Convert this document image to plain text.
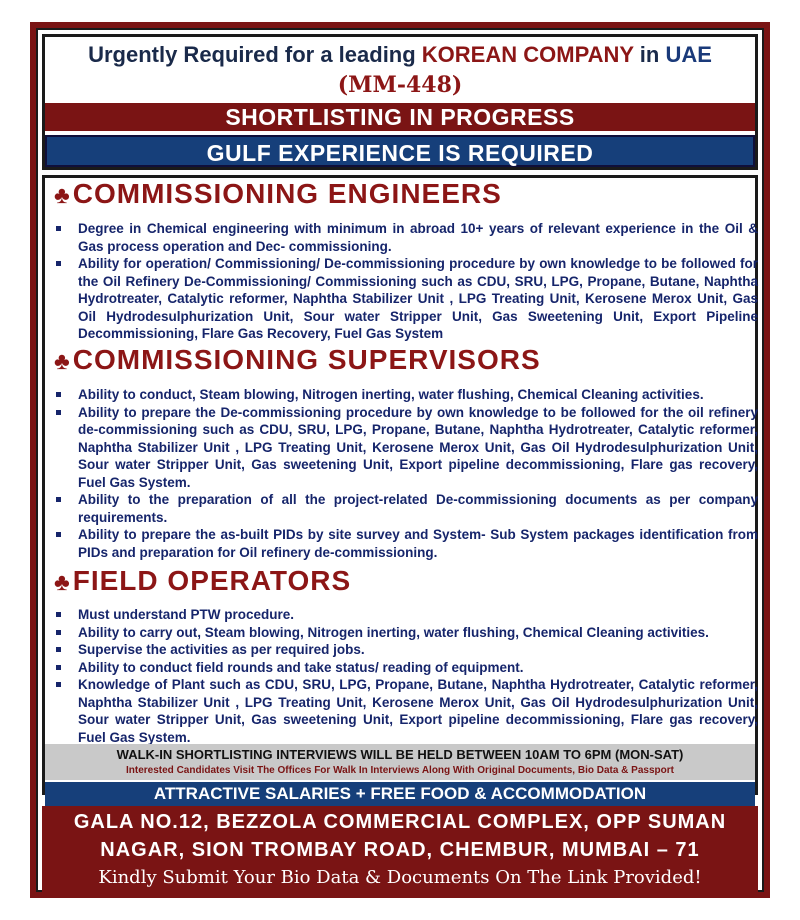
Urgently Required for a leading KOREAN COMPANY in UAE
(MM-448)
SHORTLISTING IN PROGRESS
GULF EXPERIENCE IS REQUIRED
♣COMMISSIONING ENGINEERS
Degree in Chemical engineering with minimum in abroad 10+ years of relevant experience in the Oil & Gas process operation and Dec- commissioning.
Ability for operation/ Commissioning/ De-commissioning procedure by own knowledge to be followed for the Oil Refinery De-Commissioning/ Commissioning such as CDU, SRU, LPG, Propane, Butane, Naphtha Hydrotreater, Catalytic reformer, Naphtha Stabilizer Unit , LPG Treating Unit, Kerosene Merox Unit, Gas Oil Hydrodesulphurization Unit, Sour water Stripper Unit, Gas Sweetening Unit, Export Pipeline Decommissioning, Flare Gas Recovery, Fuel Gas System
♣COMMISSIONING SUPERVISORS
Ability to conduct, Steam blowing, Nitrogen inerting, water flushing, Chemical Cleaning activities.
Ability to prepare the De-commissioning procedure by own knowledge to be followed for the oil refinery de-commissioning such as CDU, SRU, LPG, Propane, Butane, Naphtha Hydrotreater, Catalytic reformer, Naphtha Stabilizer Unit , LPG Treating Unit, Kerosene Merox Unit, Gas Oil Hydrodesulphurization Unit, Sour water Stripper Unit, Gas sweetening Unit, Export pipeline decommissioning, Flare gas recovery, Fuel Gas System.
Ability to the preparation of all the project-related De-commissioning documents as per company requirements.
Ability to prepare the as-built PIDs by site survey and System- Sub System packages identification from PIDs and preparation for Oil refinery de-commissioning.
♣FIELD OPERATORS
Must understand PTW procedure.
Ability to carry out, Steam blowing, Nitrogen inerting, water flushing, Chemical Cleaning activities.
Supervise the activities as per required jobs.
Ability to conduct field rounds and take status/ reading of equipment.
Knowledge of Plant such as CDU, SRU, LPG, Propane, Butane, Naphtha Hydrotreater, Catalytic reformer, Naphtha Stabilizer Unit , LPG Treating Unit, Kerosene Merox Unit, Gas Oil Hydrodesulphurization Unit, Sour water Stripper Unit, Gas sweetening Unit, Export pipeline decommissioning, Flare gas recovery, Fuel Gas System.
WALK-IN SHORTLISTING INTERVIEWS WILL BE HELD BETWEEN 10AM TO 6PM (MON-SAT)
Interested Candidates Visit The Offices For Walk In Interviews Along With Original Documents, Bio Data & Passport
ATTRACTIVE SALARIES + FREE FOOD & ACCOMMODATION
GALA NO.12, BEZZOLA COMMERCIAL COMPLEX, OPP SUMAN
NAGAR, SION TROMBAY ROAD, CHEMBUR, MUMBAI – 71
Kindly Submit Your Bio Data & Documents On The Link Provided!
